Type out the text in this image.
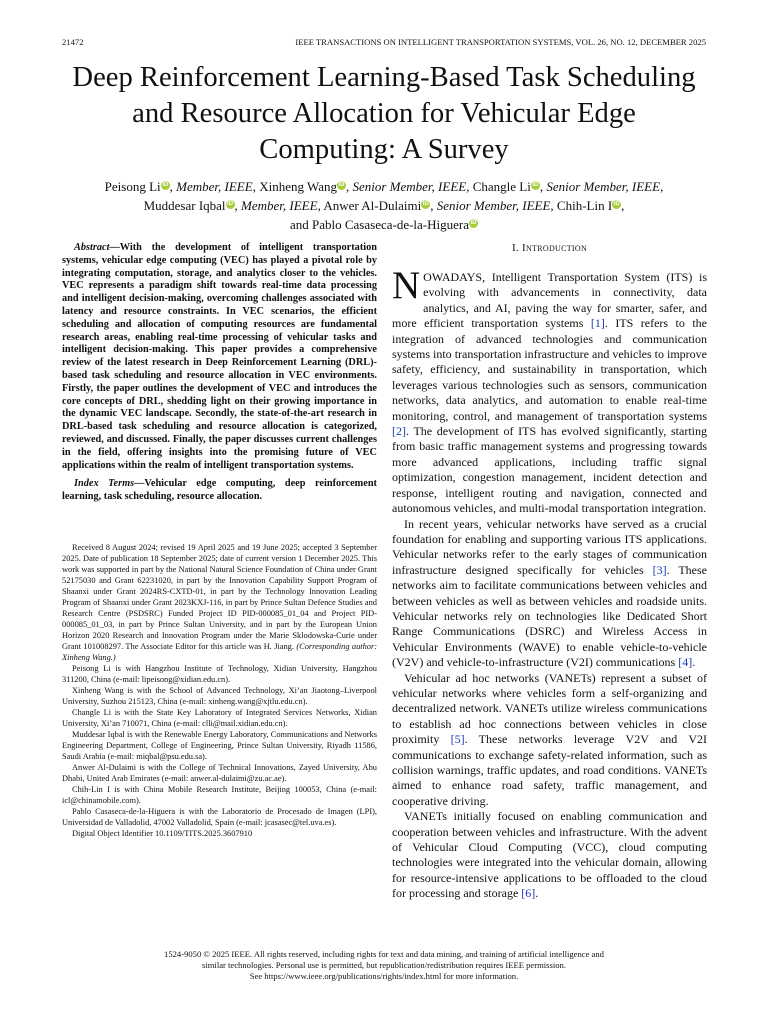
21472	IEEE TRANSACTIONS ON INTELLIGENT TRANSPORTATION SYSTEMS, VOL. 26, NO. 12, DECEMBER 2025
Deep Reinforcement Learning-Based Task Scheduling and Resource Allocation for Vehicular Edge Computing: A Survey
Peisong Li iD , Member, IEEE, Xinheng Wang iD , Senior Member, IEEE, Changle Li iD , Senior Member, IEEE,
Muddesar Iqbal iD , Member, IEEE, Anwer Al-Dulaimi iD , Senior Member, IEEE, Chih-Lin I iD ,
and Pablo Casaseca-de-la-Higuera iD

Abstract—With the development of intelligent transportation systems, vehicular edge computing (VEC) has played a pivotal role by integrating computation, storage, and analytics closer to the vehicles. VEC represents a paradigm shift towards real-time data processing and intelligent decision-making, overcoming challenges associated with latency and resource constraints. In VEC scenarios, the efficient scheduling and allocation of computing resources are fundamental research areas, enabling real-time processing of vehicular tasks and intelligent decision-making. This paper provides a comprehensive review of the latest research in Deep Reinforcement Learning (DRL)-based task scheduling and resource allocation in VEC environments. Firstly, the paper outlines the development of VEC and introduces the core concepts of DRL, shedding light on their growing importance in the dynamic VEC landscape. Secondly, the state-of-the-art research in DRL-based task scheduling and resource allocation is categorized, reviewed, and discussed. Finally, the paper discusses current challenges in the field, offering insights into the promising future of VEC applications within the realm of intelligent transportation systems.

Index Terms—Vehicular edge computing, deep reinforcement learning, task scheduling, resource allocation.

Received 8 August 2024; revised 19 April 2025 and 19 June 2025; accepted 3 September 2025. Date of publication 18 September 2025; date of current version 1 December 2025. This work was supported in part by the National Natural Science Foundation of China under Grant 52175030 and Grant 62231020, in part by the Innovation Capability Support Program of Shaanxi under Grant 2024RS-CXTD-01, in part by the Technology Innovation Leading Program of Shaanxi under Grant 2023KXJ-116, in part by Prince Sultan Defence Studies and Research Centre (PSDSRC) Funded Project ID PID-000085_01_04 and Project PID-000085_01_03, in part by Prince Sultan University, and in part by the European Union Horizon 2020 Research and Innovation Program under the Marie Sklodowska-Curie under Grant 101008297. The Associate Editor for this article was H. Jiang. (Corresponding author: Xinheng Wang.)

Peisong Li is with Hangzhou Institute of Technology, Xidian University, Hangzhou 311200, China (e-mail: lipeisong@xidian.edu.cn).

Xinheng Wang is with the School of Advanced Technology, Xi’an Jiaotong–Liverpool University, Suzhou 215123, China (e-mail: xinheng.wang@xjtlu.edu.cn).

Changle Li is with the State Key Laboratory of Integrated Services Networks, Xidian University, Xi’an 710071, China (e-mail: clli@mail.xidian.edu.cn).

Muddesar Iqbal is with the Renewable Energy Laboratory, Communications and Networks Engineering Department, College of Engineering, Prince Sultan University, Riyadh 11586, Saudi Arabia (e-mail: miqbal@psu.edu.sa).

Anwer Al-Dulaimi is with the College of Technical Innovations, Zayed University, Abu Dhabi, United Arab Emirates (e-mail: anwer.al-dulaimi@zu.ac.ae).

Chih-Lin I is with China Mobile Research Institute, Beijing 100053, China (e-mail: icl@chinamobile.com).

Pablo Casaseca-de-la-Higuera is with the Laboratorio de Procesado de Imagen (LPI), Universidad de Valladolid, 47002 Valladolid, Spain (e-mail: jcasasec@tel.uva.es).

Digital Object Identifier 10.1109/TITS.2025.3607910

I. Introduction

NOWADAYS, Intelligent Transportation System (ITS) is evolving with advancements in connectivity, data analytics, and AI, paving the way for smarter, safer, and more efficient transportation systems [1]. ITS refers to the integration of advanced technologies and communication systems into transportation infrastructure and vehicles to improve safety, efficiency, and sustainability in transportation, which leverages various technologies such as sensors, communication networks, data analytics, and automation to enable real-time monitoring, control, and management of transportation systems [2]. The development of ITS has evolved significantly, starting from basic traffic management systems and progressing towards more advanced applications, including traffic signal optimization, congestion management, incident detection and response, intelligent routing and navigation, connected and autonomous vehicles, and multi-modal transportation integration.

In recent years, vehicular networks have served as a crucial foundation for enabling and supporting various ITS applications. Vehicular networks refer to the early stages of communication infrastructure designed specifically for vehicles [3]. These networks aim to facilitate communications between vehicles and between vehicles as well as between vehicles and roadside units. Vehicular networks rely on technologies like Dedicated Short Range Communications (DSRC) and Wireless Access in Vehicular Environments (WAVE) to enable vehicle-to-vehicle (V2V) and vehicle-to-infrastructure (V2I) communications [4].

Vehicular ad hoc networks (VANETs) represent a subset of vehicular networks where vehicles form a self-organizing and decentralized network. VANETs utilize wireless communications to establish ad hoc connections between vehicles in close proximity [5]. These networks leverage V2V and V2I communications to exchange safety-related information, such as collision warnings, traffic updates, and road conditions. VANETs aimed to enhance road safety, traffic management, and cooperative driving.

VANETs initially focused on enabling communication and cooperation between vehicles and infrastructure. With the advent of Vehicular Cloud Computing (VCC), cloud computing technologies were integrated into the vehicular domain, allowing for resource-intensive applications to be offloaded to the cloud for processing and storage [6].

1524-9050 © 2025 IEEE. All rights reserved, including rights for text and data mining, and training of artificial intelligence and
similar technologies. Personal use is permitted, but republication/redistribution requires IEEE permission.
See https://www.ieee.org/publications/rights/index.html for more information.
